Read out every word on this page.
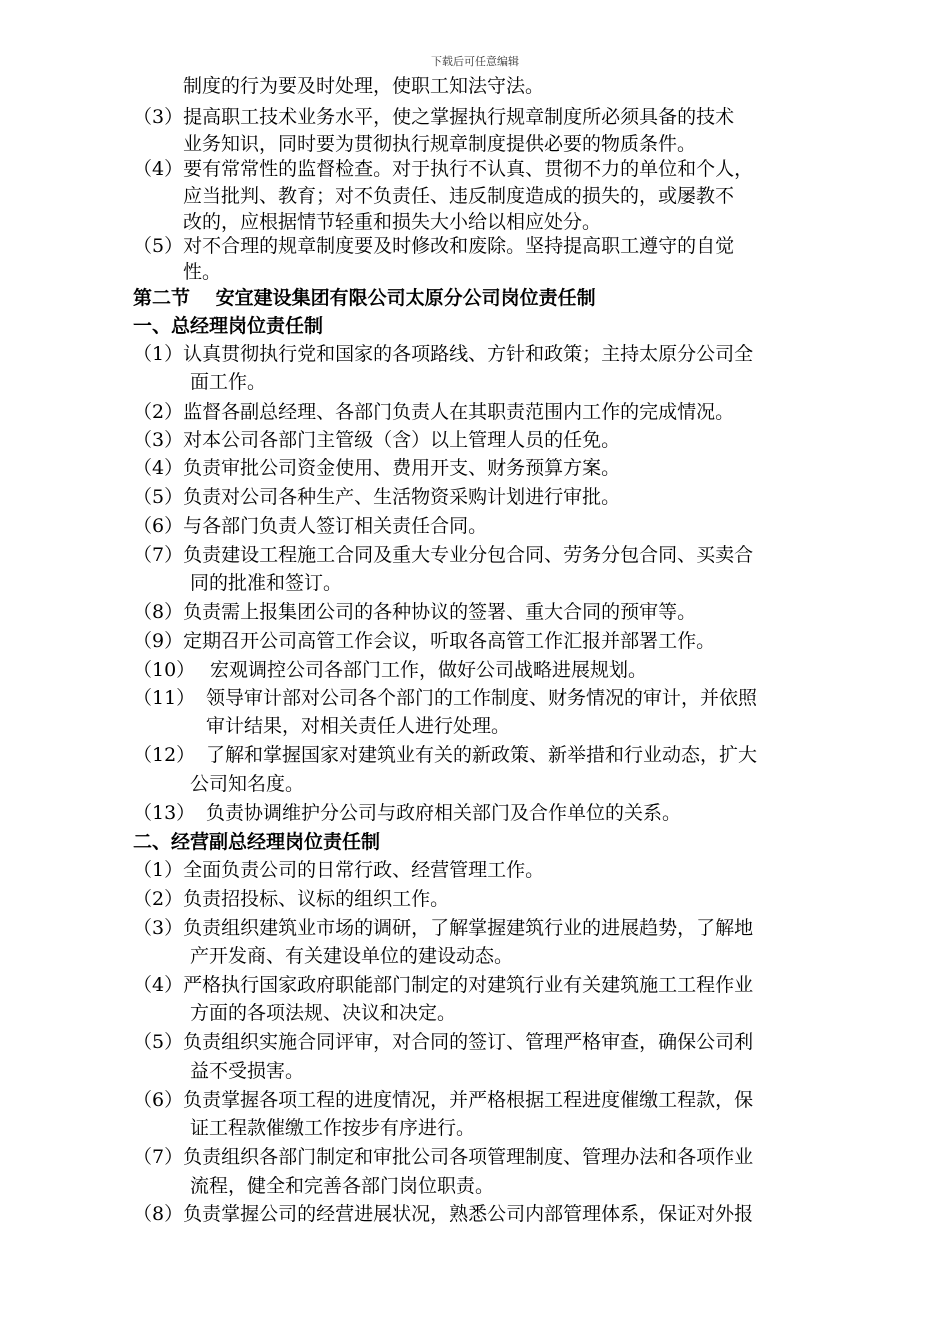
下载后可任意编辑
制度的行为要及时处理，使职工知法守法。
（3）提高职工技术业务水平，使之掌握执行规章制度所必须具备的技术
业务知识，同时要为贯彻执行规章制度提供必要的物质条件。
（4）要有常常性的监督检查。对于执行不认真、贯彻不力的单位和个人，
应当批判、教育；对不负责任、违反制度造成的损失的，或屡教不
改的，应根据情节轻重和损失大小给以相应处分。
（5）对不合理的规章制度要及时修改和废除。坚持提高职工遵守的自觉
性。
第二节　 安宜建设集团有限公司太原分公司岗位责任制
一、总经理岗位责任制
（1）认真贯彻执行党和国家的各项路线、方针和政策；主持太原分公司全
面工作。
（2）监督各副总经理、各部门负责人在其职责范围内工作的完成情况。
（3）对本公司各部门主管级（含）以上管理人员的任免。
（4）负责审批公司资金使用、费用开支、财务预算方案。
（5）负责对公司各种生产、生活物资采购计划进行审批。
（6）与各部门负责人签订相关责任合同。
（7）负责建设工程施工合同及重大专业分包合同、劳务分包合同、买卖合
同的批准和签订。
（8）负责需上报集团公司的各种协议的签署、重大合同的预审等。
（9）定期召开公司高管工作会议，听取各高管工作汇报并部署工作。
（10） 宏观调控公司各部门工作，做好公司战略进展规划。
（11） 领导审计部对公司各个部门的工作制度、财务情况的审计，并依照
审计结果，对相关责任人进行处理。
（12） 了解和掌握国家对建筑业有关的新政策、新举措和行业动态，扩大
公司知名度。
（13） 负责协调维护分公司与政府相关部门及合作单位的关系。
二、经营副总经理岗位责任制
（1）全面负责公司的日常行政、经营管理工作。
（2）负责招投标、议标的组织工作。
（3）负责组织建筑业市场的调研，了解掌握建筑行业的进展趋势，了解地
产开发商、有关建设单位的建设动态。
（4）严格执行国家政府职能部门制定的对建筑行业有关建筑施工工程作业
方面的各项法规、决议和决定。
（5）负责组织实施合同评审，对合同的签订、管理严格审查，确保公司利
益不受损害。
（6）负责掌握各项工程的进度情况，并严格根据工程进度催缴工程款，保
证工程款催缴工作按步有序进行。
（7）负责组织各部门制定和审批公司各项管理制度、管理办法和各项作业
流程，健全和完善各部门岗位职责。
（8）负责掌握公司的经营进展状况，熟悉公司内部管理体系，保证对外报
